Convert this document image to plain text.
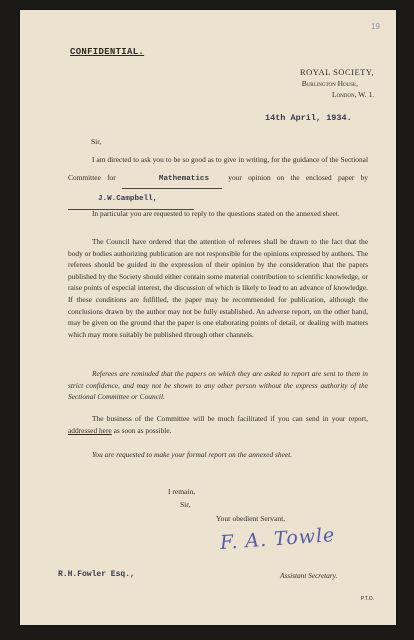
19
CONFIDENTIAL.
ROYAL SOCIETY,
Burlington House,
London, W. 1.
14th April, 1934.
Sir,
I am directed to ask you to be so good as to give in writing, for the guidance of the Sectional Committee for	Mathematics	your opinion on the enclosed paper by J.W.Campbell,
In particular you are requested to reply to the questions stated on the annexed sheet.
The Council have ordered that the attention of referees shall be drawn to the fact that the body or bodies authorizing publication are not responsible for the opinions expressed by authors. The referees should be guided in the expression of their opinion by the consideration that the papers published by the Society should either contain some material contribution to scientific knowledge, or raise points of especial interest, the discussion of which is likely to lead to an advance of knowledge. If these conditions are fulfilled, the paper may be recommended for publication, although the conclusions drawn by the author may not be fully established. An adverse report, on the other hand, may be given on the ground that the paper is one elaborating points of detail, or dealing with matters which may more suitably be published through other channels.
Referees are reminded that the papers on which they are asked to report are sent to them in strict confidence, and may not be shown to any other person without the express authority of the Sectional Committee or Council.
The business of the Committee will be much facilitated if you can send in your report, addressed here as soon as possible.
You are requested to make your formal report on the annexed sheet.
I remain,
Sir,
Your obedient Servant,
F. A. Towle
R.H.Fowler Esq.,	Assistant Secretary.
P.T.O.
